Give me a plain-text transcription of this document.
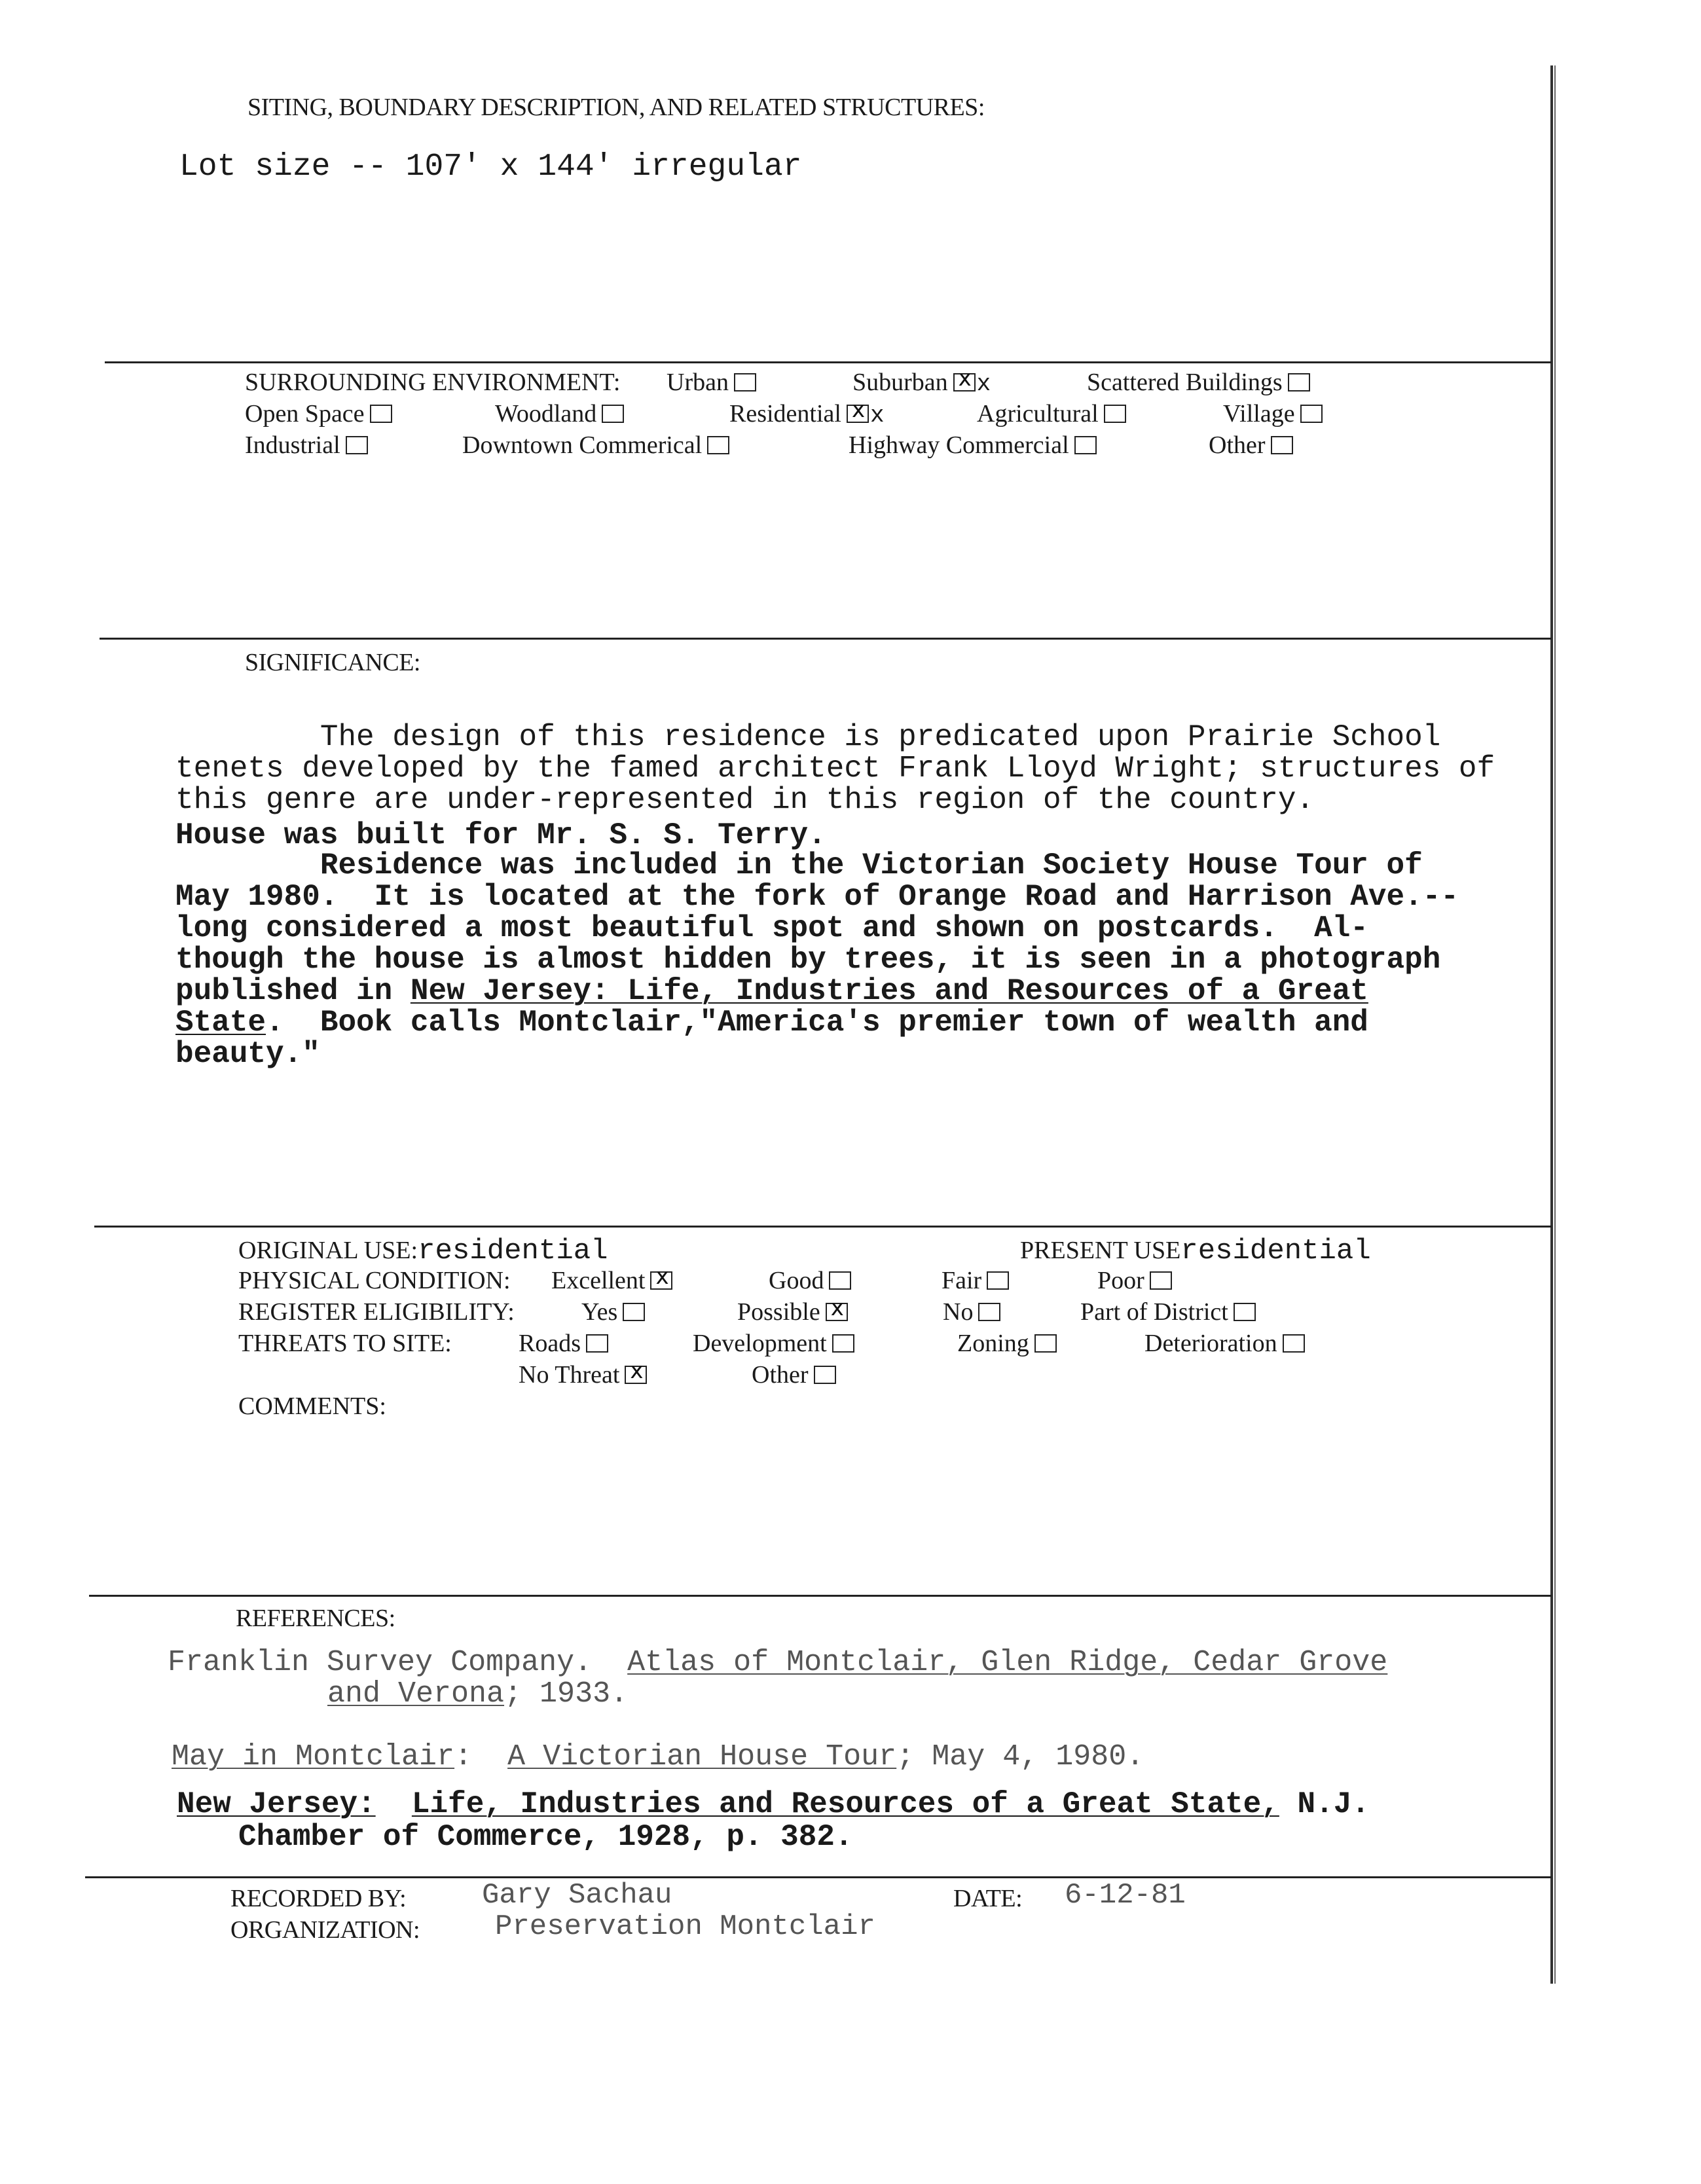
SITING, BOUNDARY DESCRIPTION, AND RELATED STRUCTURES:
Lot size -- 107' x 144' irregular
SURROUNDING ENVIRONMENT: Urban	Suburban x x	Scattered Buildings
Open Space	Woodland	Residential x x	Agricultural	Village
Industrial	Downtown Commerical	Highway Commercial	Other
SIGNIFICANCE:

The design of this residence is predicated upon Prairie School

tenets developed by the famed architect Frank Lloyd Wright; structures of

this genre are under-represented in this region of the country.

House was built for Mr. S. S. Terry.

Residence was included in the Victorian Society House Tour of

May 1980.  It is located at the fork of Orange Road and Harrison Ave.--

long considered a most beautiful spot and shown on postcards.  Al-

though the house is almost hidden by trees, it is seen in a photograph

published in New Jersey: Life, Industries and Resources of a Great

State.  Book calls Montclair,"America's premier town of wealth and

beauty."

ORIGINAL USE:residential	PRESENT USEresidential
PHYSICAL CONDITION: Excellent x	Good	Fair	Poor
REGISTER ELIGIBILITY:	Yes	Possible x	No	Part of District
THREATS TO SITE:	Roads	Development	Zoning	Deterioration
No Threat x	Other
COMMENTS:
REFERENCES:
Franklin Survey Company.  Atlas of Montclair, Glen Ridge, Cedar Grove
and Verona; 1933.
May in Montclair:  A Victorian House Tour; May 4, 1980.
New Jersey: Life, Industries and Resources of a Great State, N.J.
Chamber of Commerce, 1928, p. 382.
RECORDED BY:	Gary Sachau	DATE: 6-12-81
ORGANIZATION:	Preservation Montclair
